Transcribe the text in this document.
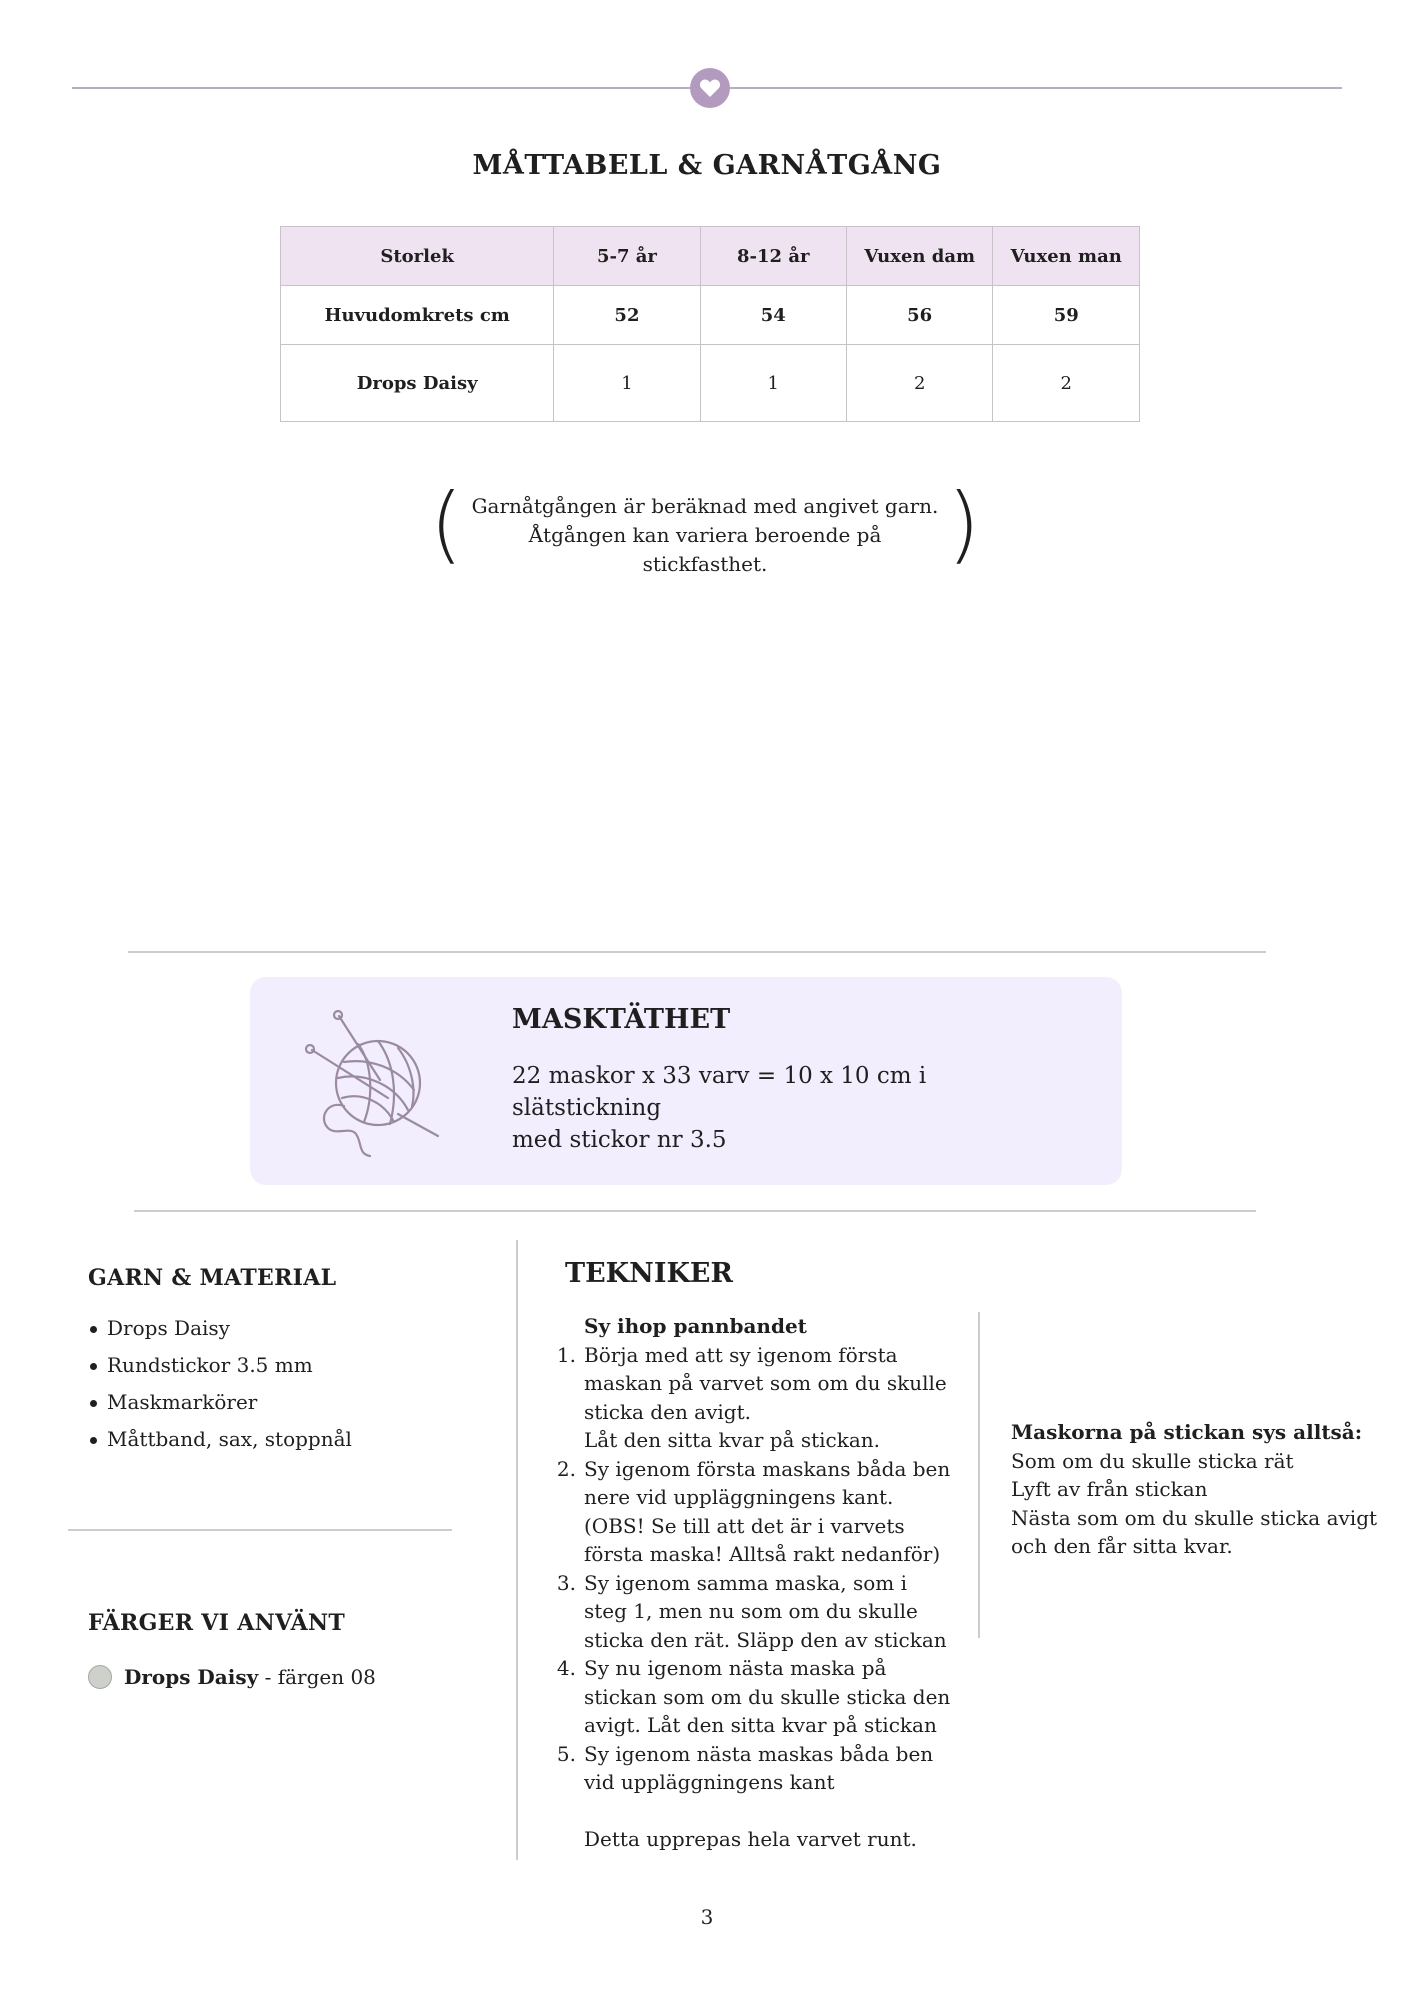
MÅTTABELL & GARNÅTGÅNG
Storlek	5-7 år	8-12 år	Vuxen dam	Vuxen man
Huvudomkrets cm	52	54	56	59
Drops Daisy	1	1	2	2
( Garnåtgången är beräknad med angivet garn.
Åtgången kan variera beroende på stickfasthet.	)
MASKTÄTHET
22 maskor x 33 varv = 10 x 10 cm i slätstickning
med stickor nr 3.5
GARN & MATERIAL
Drops Daisy
Rundstickor 3.5 mm
Maskmarkörer
Måttband, sax, stoppnål
FÄRGER VI ANVÄNT
Drops Daisy - färgen 08
TEKNIKER
Sy ihop pannbandet
1. Börja med att sy igenom första maskan på varvet som om du skulle sticka den avigt.
Låt den sitta kvar på stickan.
2. Sy igenom första maskans båda ben nere vid uppläggningens kant. (OBS! Se till att det är i varvets första maska! Alltså rakt nedanför)
3. Sy igenom samma maska, som i steg 1, men nu som om du skulle sticka den rät. Släpp den av stickan
4. Sy nu igenom nästa maska på stickan som om du skulle sticka den avigt. Låt den sitta kvar på stickan
5. Sy igenom nästa maskas båda ben vid uppläggningens kant
Detta upprepas hela varvet runt.
Maskorna på stickan sys alltså:
Som om du skulle sticka rät
Lyft av från stickan
Nästa som om du skulle sticka avigt och den får sitta kvar.
3
